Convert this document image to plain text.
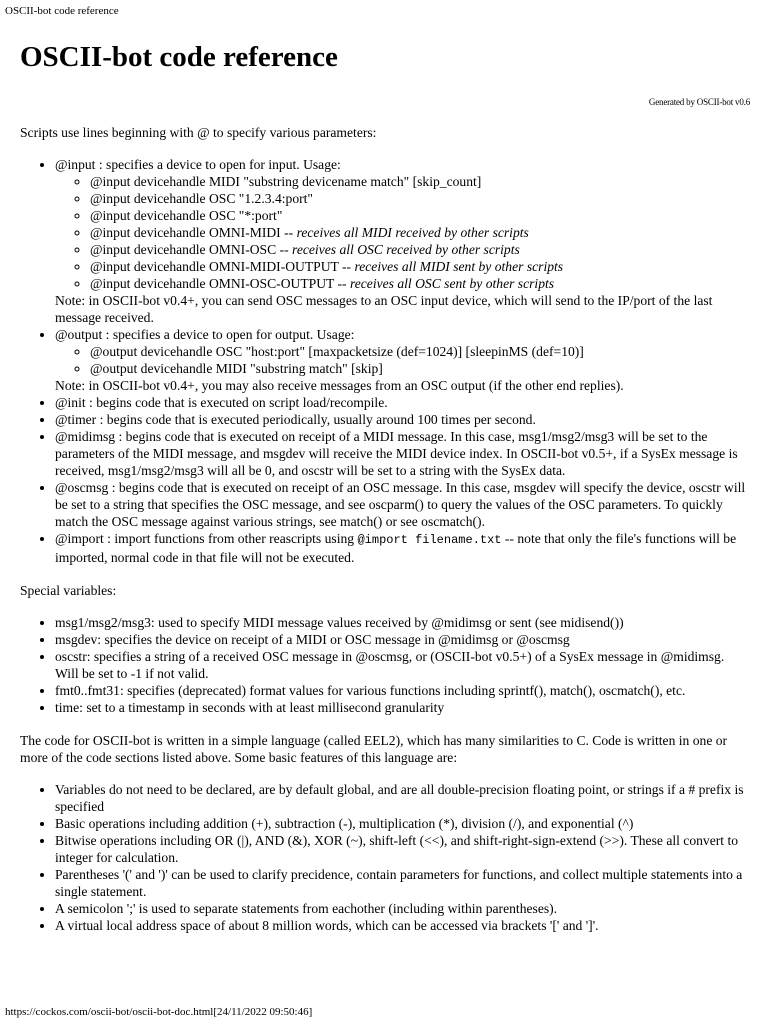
OSCII-bot code reference
OSCII-bot code reference
Generated by OSCII-bot v0.6

Scripts use lines beginning with @ to specify various parameters:

• @input : specifies a device to open for input. Usage:
◦ @input devicehandle MIDI "substring devicename match" [skip_count]
◦ @input devicehandle OSC "1.2.3.4:port"
◦ @input devicehandle OSC "*:port"
◦ @input devicehandle OMNI-MIDI -- receives all MIDI received by other scripts
◦ @input devicehandle OMNI-OSC -- receives all OSC received by other scripts
◦ @input devicehandle OMNI-MIDI-OUTPUT -- receives all MIDI sent by other scripts
◦ @input devicehandle OMNI-OSC-OUTPUT -- receives all OSC sent by other scripts
Note: in OSCII-bot v0.4+, you can send OSC messages to an OSC input device, which will send to the IP/port of the last message received.
• @output : specifies a device to open for output. Usage:
◦ @output devicehandle OSC "host:port" [maxpacketsize (def=1024)] [sleepinMS (def=10)]
◦ @output devicehandle MIDI "substring match" [skip]
Note: in OSCII-bot v0.4+, you may also receive messages from an OSC output (if the other end replies).
• @init : begins code that is executed on script load/recompile.
• @timer : begins code that is executed periodically, usually around 100 times per second.
• @midimsg : begins code that is executed on receipt of a MIDI message. In this case, msg1/msg2/msg3 will be set to the parameters of the MIDI message, and msgdev will receive the MIDI device index. In OSCII-bot v0.5+, if a SysEx message is received, msg1/msg2/msg3 will all be 0, and oscstr will be set to a string with the SysEx data.
• @oscmsg : begins code that is executed on receipt of an OSC message. In this case, msgdev will specify the device, oscstr will be set to a string that specifies the OSC message, and see oscparm() to query the values of the OSC parameters. To quickly match the OSC message against various strings, see match() or see oscmatch().
• @import : import functions from other reascripts using @import filename.txt -- note that only the file's functions will be imported, normal code in that file will not be executed.

Special variables:

• msg1/msg2/msg3: used to specify MIDI message values received by @midimsg or sent (see midisend())
• msgdev: specifies the device on receipt of a MIDI or OSC message in @midimsg or @oscmsg
• oscstr: specifies a string of a received OSC message in @oscmsg, or (OSCII-bot v0.5+) of a SysEx message in @midimsg. Will be set to -1 if not valid.
• fmt0..fmt31: specifies (deprecated) format values for various functions including sprintf(), match(), oscmatch(), etc.
• time: set to a timestamp in seconds with at least millisecond granularity

The code for OSCII-bot is written in a simple language (called EEL2), which has many similarities to C. Code is written in one or more of the code sections listed above. Some basic features of this language are:

• Variables do not need to be declared, are by default global, and are all double-precision floating point, or strings if a # prefix is specified
• Basic operations including addition (+), subtraction (-), multiplication (*), division (/), and exponential (^)
• Bitwise operations including OR (|), AND (&), XOR (~), shift-left (<<), and shift-right-sign-extend (>>). These all convert to integer for calculation.
• Parentheses '(' and ')' can be used to clarify precidence, contain parameters for functions, and collect multiple statements into a single statement.
• A semicolon ';' is used to separate statements from eachother (including within parentheses).
• A virtual local address space of about 8 million words, which can be accessed via brackets '[' and ']'.
https://cockos.com/oscii-bot/oscii-bot-doc.html[24/11/2022 09:50:46]
